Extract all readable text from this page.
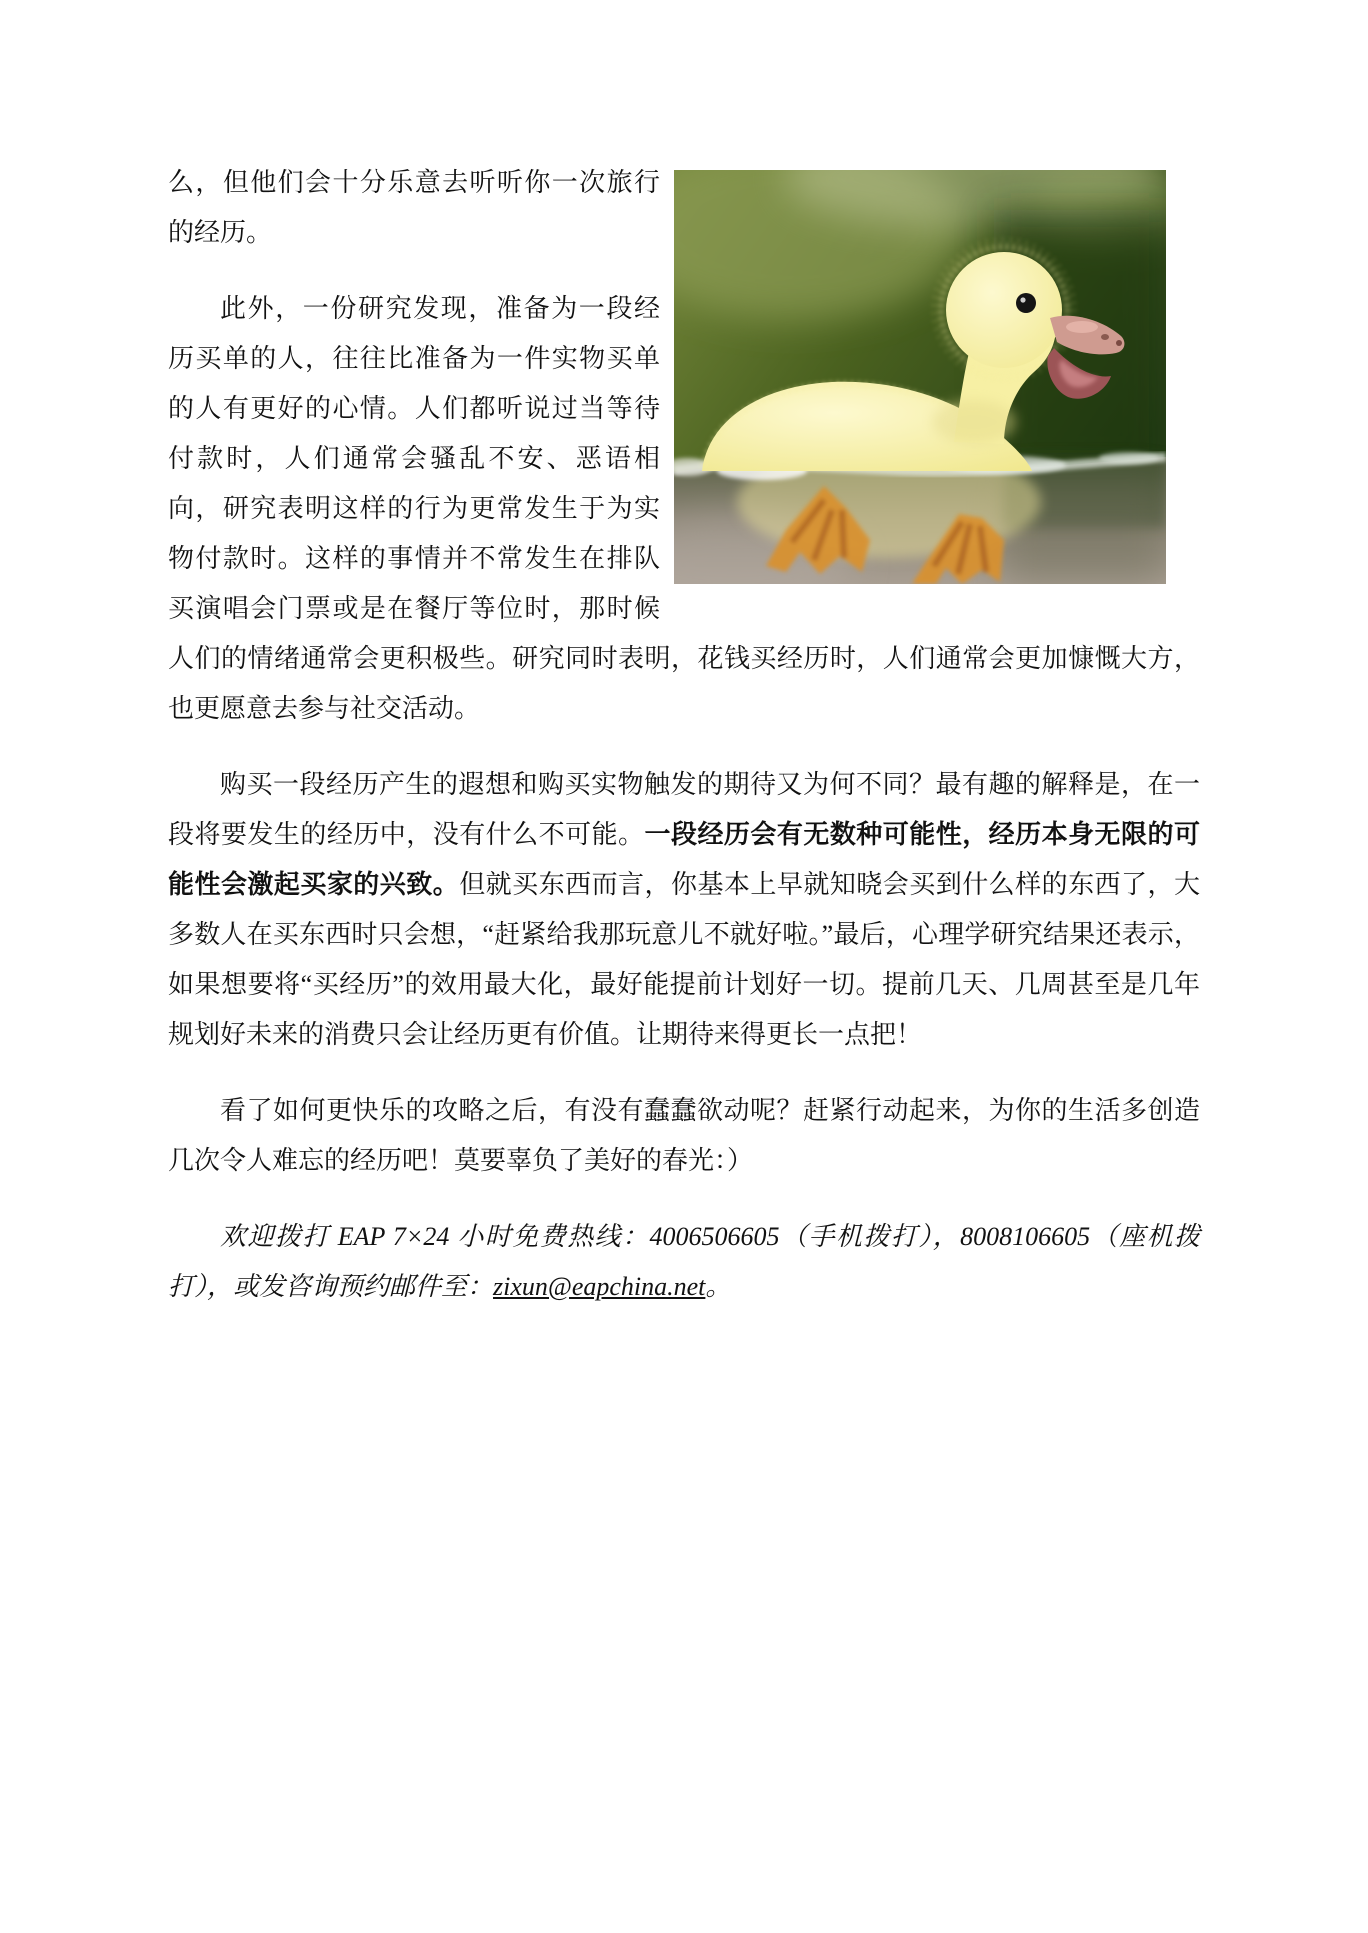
么，但他们会十分乐意去听听你一次旅行的经历。

此外，一份研究发现，准备为一段经历买单的人，往往比准备为一件实物买单的人有更好的心情。人们都听说过当等待付款时，人们通常会骚乱不安、恶语相向，研究表明这样的行为更常发生于为实物付款时。这样的事情并不常发生在排队买演唱会门票或是在餐厅等位时，那时候人们的情绪通常会更积极些。研究同时表明，花钱买经历时，人们通常会更加慷慨大方，也更愿意去参与社交活动。

购买一段经历产生的遐想和购买实物触发的期待又为何不同？最有趣的解释是，在一段将要发生的经历中，没有什么不可能。一段经历会有无数种可能性，经历本身无限的可能性会激起买家的兴致。但就买东西而言，你基本上早就知晓会买到什么样的东西了，大多数人在买东西时只会想，“赶紧给我那玩意儿不就好啦。”最后，心理学研究结果还表示，如果想要将“买经历”的效用最大化，最好能提前计划好一切。提前几天、几周甚至是几年规划好未来的消费只会让经历更有价值。让期待来得更长一点把！

看了如何更快乐的攻略之后，有没有蠢蠢欲动呢？赶紧行动起来，为你的生活多创造几次令人难忘的经历吧！莫要辜负了美好的春光：）

欢迎拨打 EAP 7×24 小时免费热线：4006506605（手机拨打），8008106605（座机拨打），或发咨询预约邮件至：zixun@eapchina.net。
